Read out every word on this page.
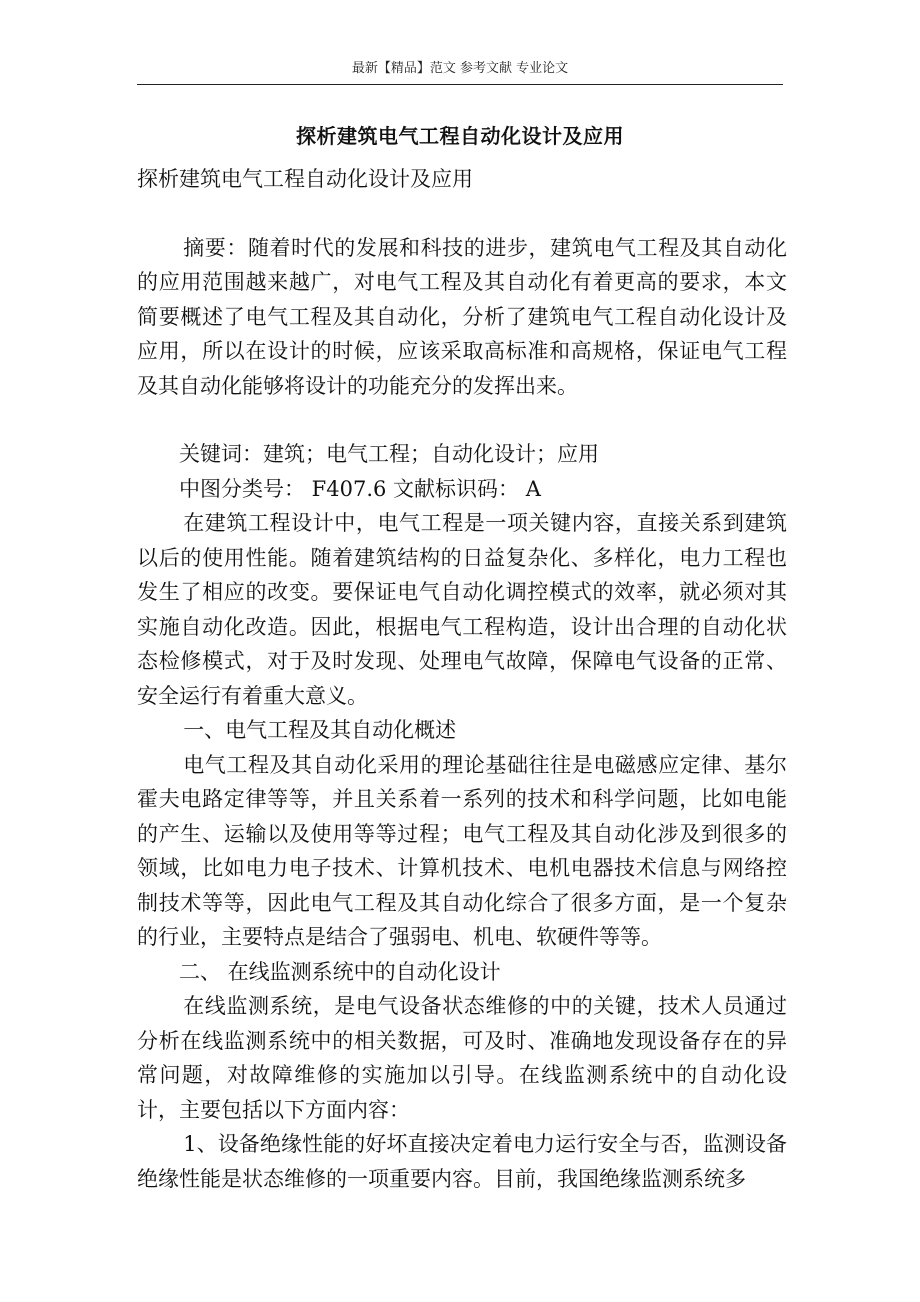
最新【精品】范文 参考文献 专业论文
探析建筑电气工程自动化设计及应用

探析建筑电气工程自动化设计及应用

摘要：随着时代的发展和科技的进步，建筑电气工程及其自动化的应用范围越来越广，对电气工程及其自动化有着更高的要求，本文简要概述了电气工程及其自动化，分析了建筑电气工程自动化设计及应用，所以在设计的时候，应该采取高标准和高规格，保证电气工程及其自动化能够将设计的功能充分的发挥出来。

关键词：建筑；电气工程；自动化设计；应用

中图分类号： F407.6 文献标识码： A

在建筑工程设计中，电气工程是一项关键内容，直接关系到建筑以后的使用性能。随着建筑结构的日益复杂化、多样化，电力工程也发生了相应的改变。要保证电气自动化调控模式的效率，就必须对其实施自动化改造。因此，根据电气工程构造，设计出合理的自动化状态检修模式，对于及时发现、处理电气故障，保障电气设备的正常、安全运行有着重大意义。

一、电气工程及其自动化概述

电气工程及其自动化采用的理论基础往往是电磁感应定律、基尔霍夫电路定律等等，并且关系着一系列的技术和科学问题，比如电能的产生、运输以及使用等等过程；电气工程及其自动化涉及到很多的领域，比如电力电子技术、计算机技术、电机电器技术信息与网络控制技术等等，因此电气工程及其自动化综合了很多方面，是一个复杂的行业，主要特点是结合了强弱电、机电、软硬件等等。

二、 在线监测系统中的自动化设计

在线监测系统，是电气设备状态维修的中的关键，技术人员通过分析在线监测系统中的相关数据，可及时、准确地发现设备存在的异常问题，对故障维修的实施加以引导。在线监测系统中的自动化设计，主要包括以下方面内容：

1、设备绝缘性能的好坏直接决定着电力运行安全与否，监测设备绝缘性能是状态维修的一项重要内容。目前，我国绝缘监测系统多
